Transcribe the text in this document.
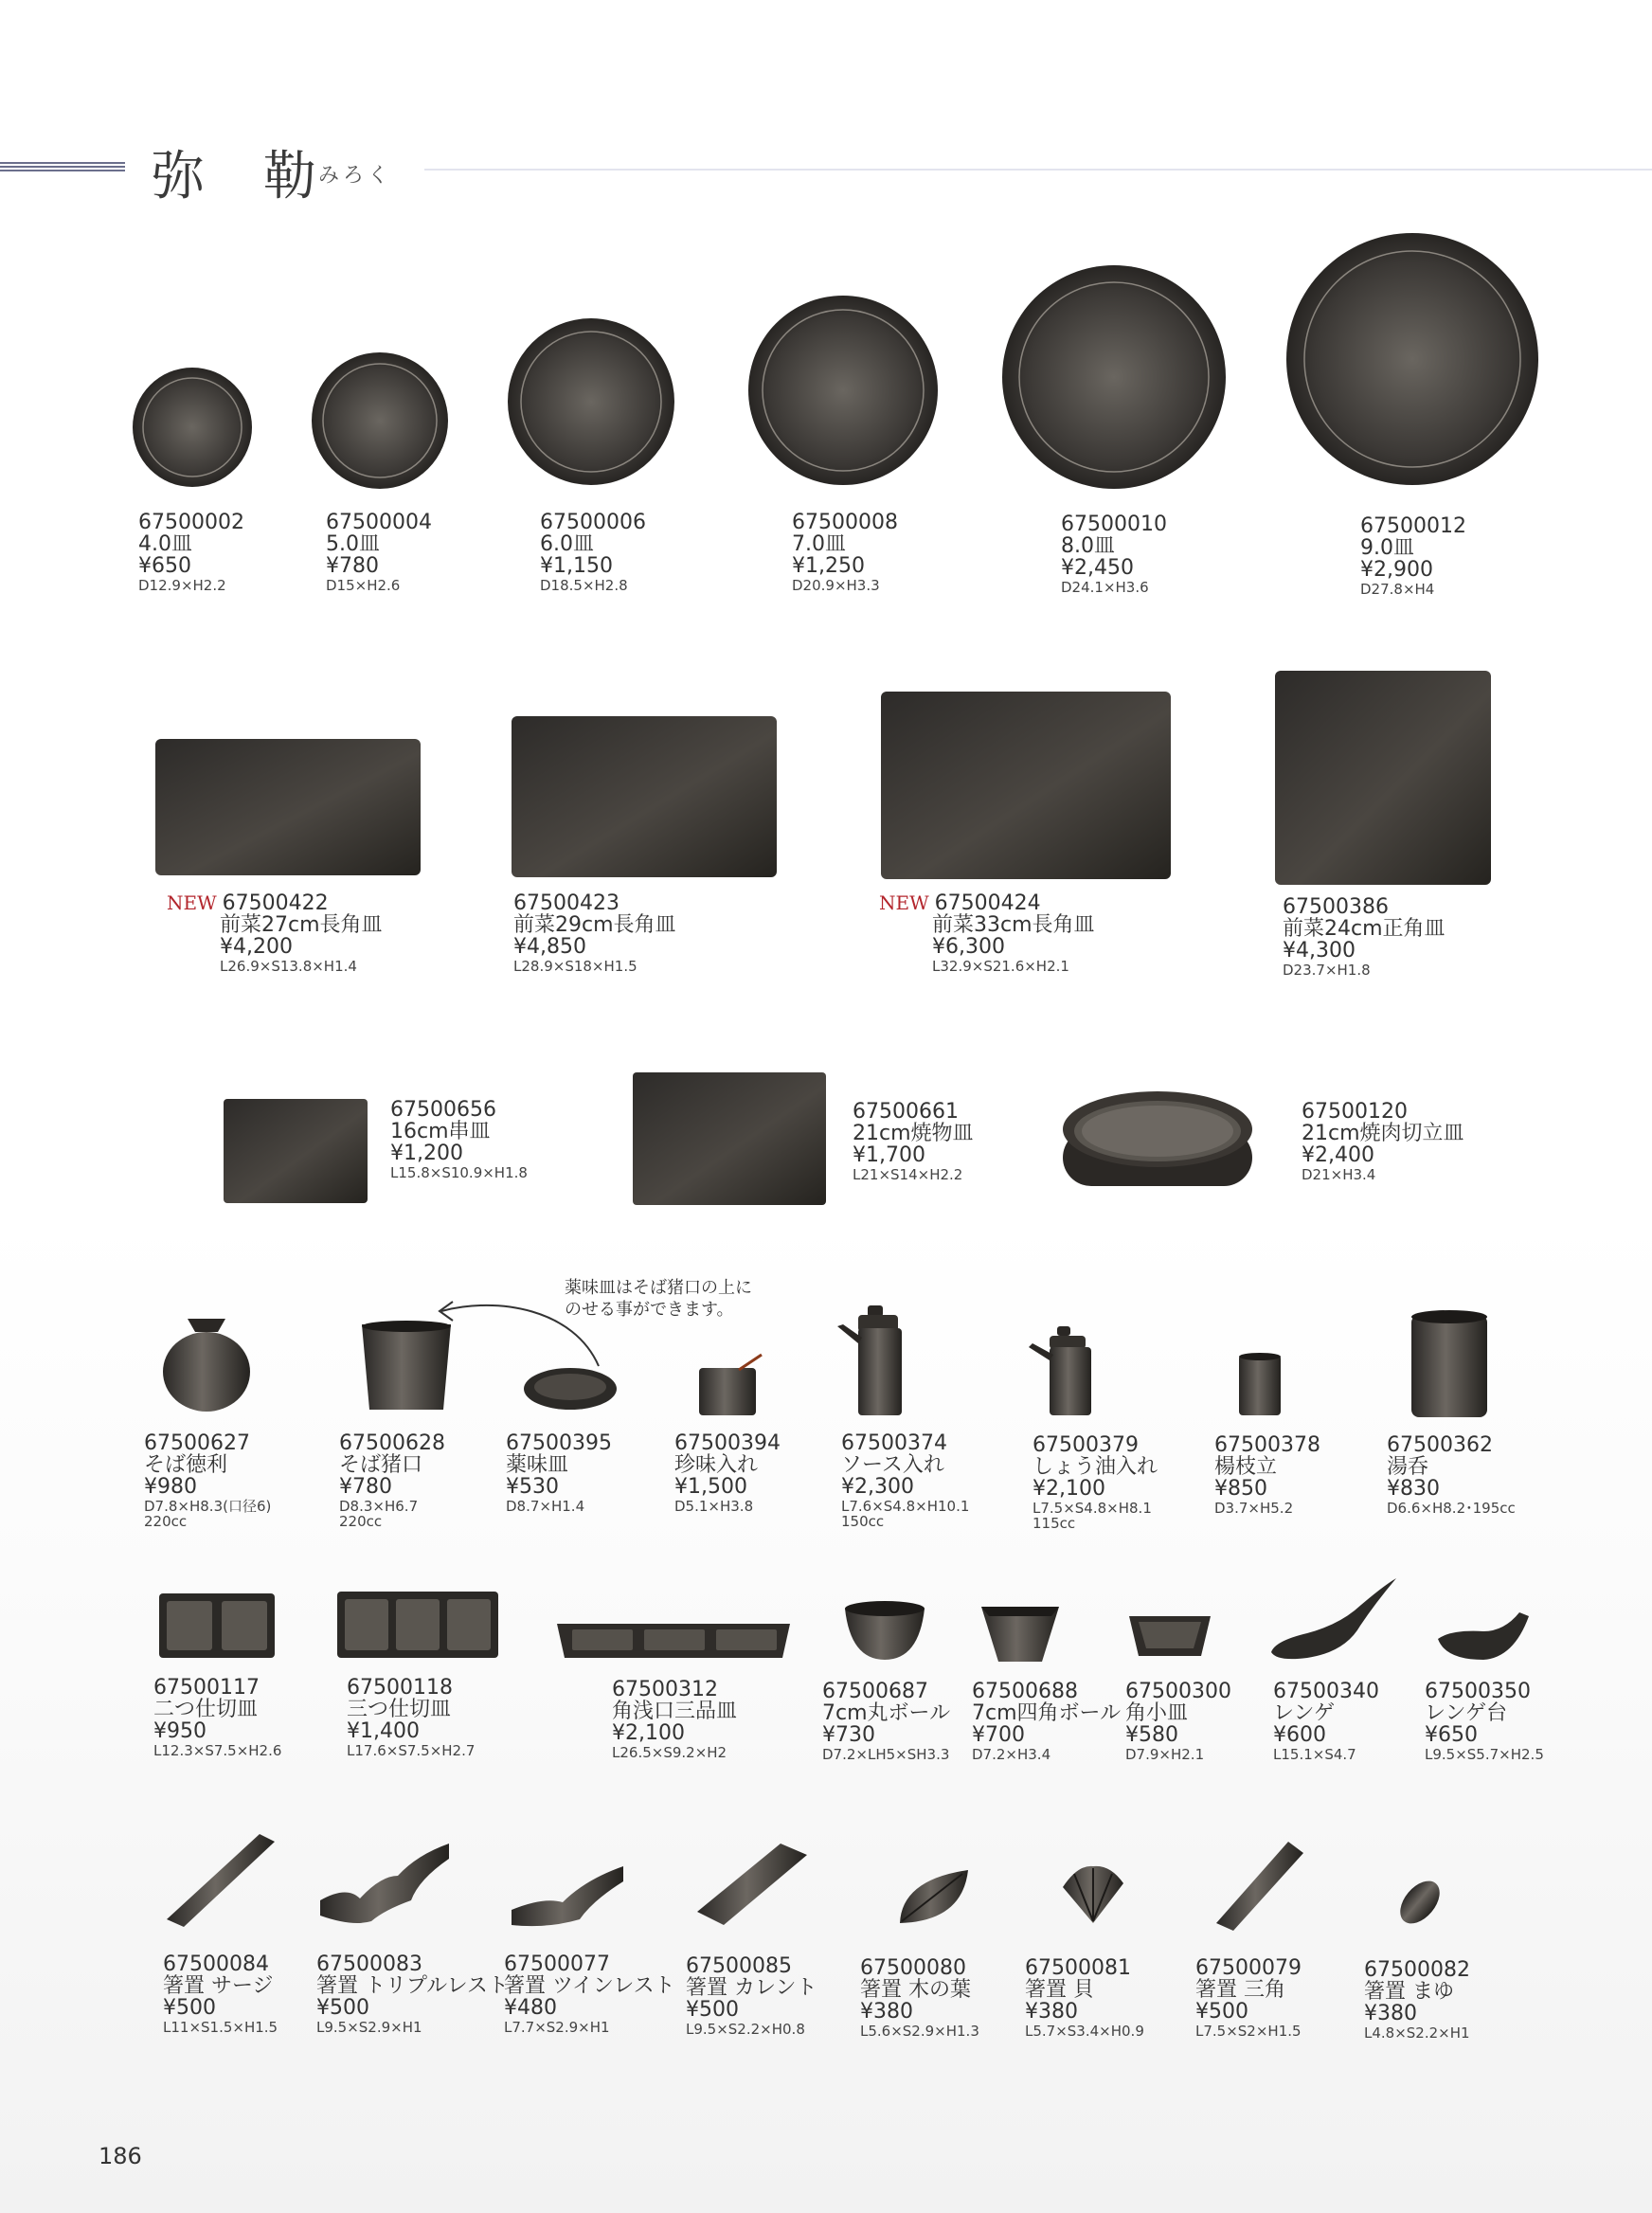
弥 勒
みろく
67500002
4.0皿
¥650
D12.9×H2.2
67500004
5.0皿
¥780
D15×H2.6
67500006
6.0皿
¥1,150
D18.5×H2.8
67500008
7.0皿
¥1,250
D20.9×H3.3
67500010
8.0皿
¥2,450
D24.1×H3.6
67500012
9.0皿
¥2,900
D27.8×H4
NEW 67500422
前菜27cm長角皿
¥4,200
L26.9×S13.8×H1.4
67500423
前菜29cm長角皿
¥4,850
L28.9×S18×H1.5
NEW 67500424
前菜33cm長角皿
¥6,300
L32.9×S21.6×H2.1
67500386
前菜24cm正角皿
¥4,300
D23.7×H1.8
67500656
16cm串皿
¥1,200
L15.8×S10.9×H1.8
67500661
21cm焼物皿
¥1,700
L21×S14×H2.2
67500120
21cm焼肉切立皿
¥2,400
D21×H3.4
薬味皿はそば猪口の上に
のせる事ができます。
67500627
そば徳利
¥980
D7.8×H8.3(口径6)
220cc
67500628
そば猪口
¥780
D8.3×H6.7
220cc
67500395
薬味皿
¥530
D8.7×H1.4
67500394
珍味入れ
¥1,500
D5.1×H3.8
67500374
ソース入れ
¥2,300
L7.6×S4.8×H10.1
150cc
67500379
しょう油入れ
¥2,100
L7.5×S4.8×H8.1
115cc
67500378
楊枝立
¥850
D3.7×H5.2
67500362
湯呑
¥830
D6.6×H8.2･195cc
67500117
二つ仕切皿
¥950
L12.3×S7.5×H2.6
67500118
三つ仕切皿
¥1,400
L17.6×S7.5×H2.7
67500312
角浅口三品皿
¥2,100
L26.5×S9.2×H2
67500687
7cm丸ボール
¥730
D7.2×LH5×SH3.3
67500688
7cm四角ボール
¥700
D7.2×H3.4
67500300
角小皿
¥580
D7.9×H2.1
67500340
レンゲ
¥600
L15.1×S4.7
67500350
レンゲ台
¥650
L9.5×S5.7×H2.5
67500084
箸置 サージ
¥500
L11×S1.5×H1.5
67500083
箸置 トリプルレスト
¥500
L9.5×S2.9×H1
67500077
箸置 ツインレスト
¥480
L7.7×S2.9×H1
67500085
箸置 カレント
¥500
L9.5×S2.2×H0.8
67500080
箸置 木の葉
¥380
L5.6×S2.9×H1.3
67500081
箸置 貝
¥380
L5.7×S3.4×H0.9
67500079
箸置 三角
¥500
L7.5×S2×H1.5
67500082
箸置 まゆ
¥380
L4.8×S2.2×H1
186
